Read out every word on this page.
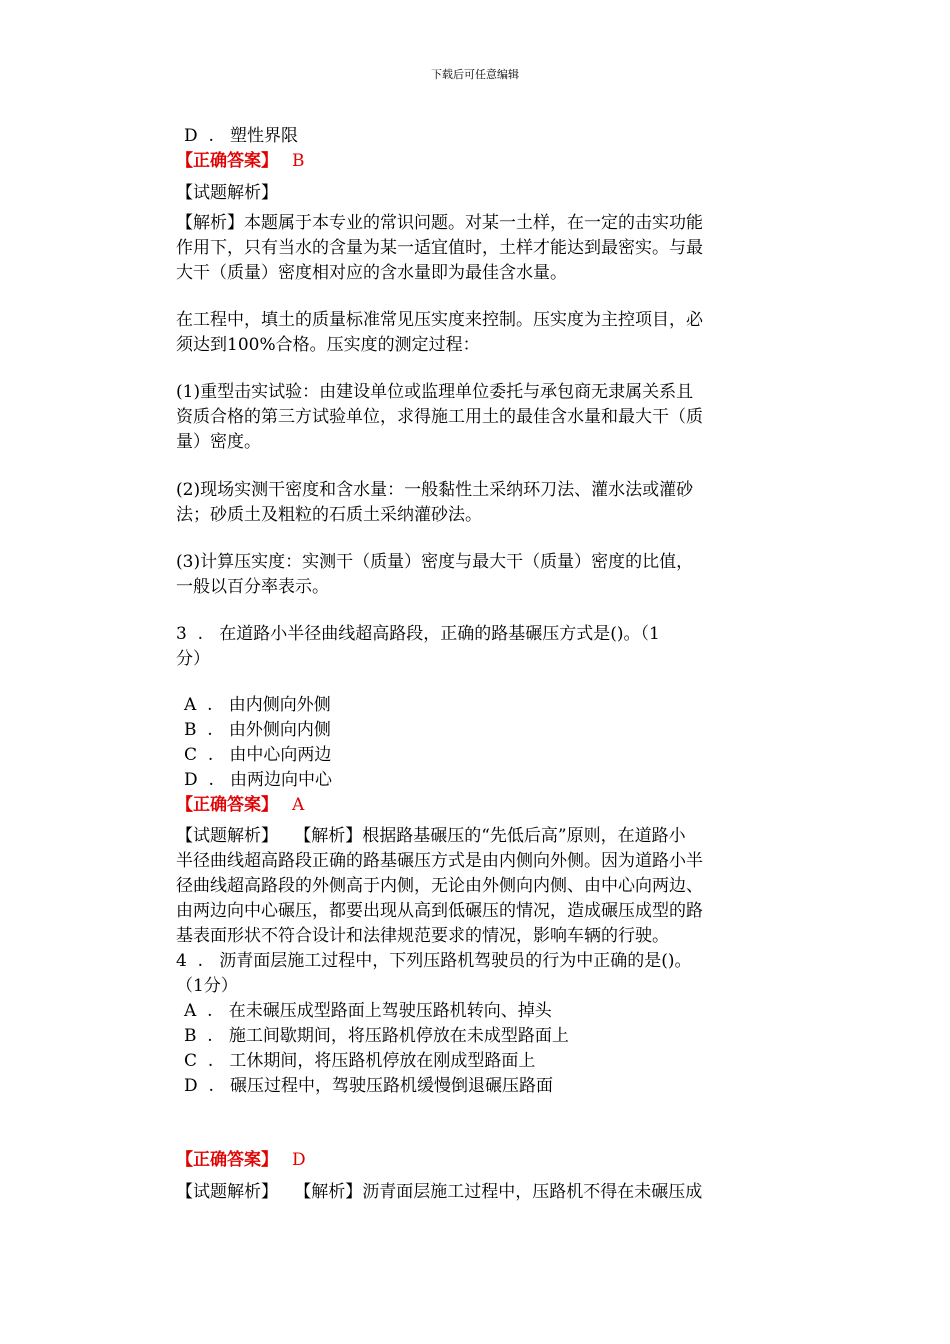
下载后可任意编辑
D  .   塑性界限
【正确答案】 B
【试题解析】
【解析】本题属于本专业的常识问题。对某一土样，在一定的击实功能
作用下，只有当水的含量为某一适宜值时，土样才能达到最密实。与最
大干（质量）密度相对应的含水量即为最佳含水量。
在工程中，填土的质量标准常见压实度来控制。压实度为主控项目，必
须达到100%合格。压实度的测定过程：
(1)重型击实试验：由建设单位或监理单位委托与承包商无隶属关系且
资质合格的第三方试验单位，求得施工用土的最佳含水量和最大干（质
量）密度。
(2)现场实测干密度和含水量：一般黏性土采纳环刀法、灌水法或灌砂
法；砂质土及粗粒的石质土采纳灌砂法。
(3)计算压实度：实测干（质量）密度与最大干（质量）密度的比值，
一般以百分率表示。
3  .   在道路小半径曲线超高路段，正确的路基碾压方式是()。（1
分）
A  .   由内侧向外侧
B  .   由外侧向内侧
C  .   由中心向两边
D  .   由两边向中心
【正确答案】 A
【试题解析】   【解析】根据路基碾压的“先低后高”原则，在道路小
半径曲线超高路段正确的路基碾压方式是由内侧向外侧。因为道路小半
径曲线超高路段的外侧高于内侧，无论由外侧向内侧、由中心向两边、
由两边向中心碾压，都要出现从高到低碾压的情况，造成碾压成型的路
基表面形状不符合设计和法律规范要求的情况，影响车辆的行驶。
4  .   沥青面层施工过程中，下列压路机驾驶员的行为中正确的是()。
（1分）
A  .   在未碾压成型路面上驾驶压路机转向、掉头
B  .   施工间歇期间，将压路机停放在未成型路面上
C  .   工休期间，将压路机停放在刚成型路面上
D  .   碾压过程中，驾驶压路机缓慢倒退碾压路面
【正确答案】 D
【试题解析】   【解析】沥青面层施工过程中，压路机不得在未碾压成
